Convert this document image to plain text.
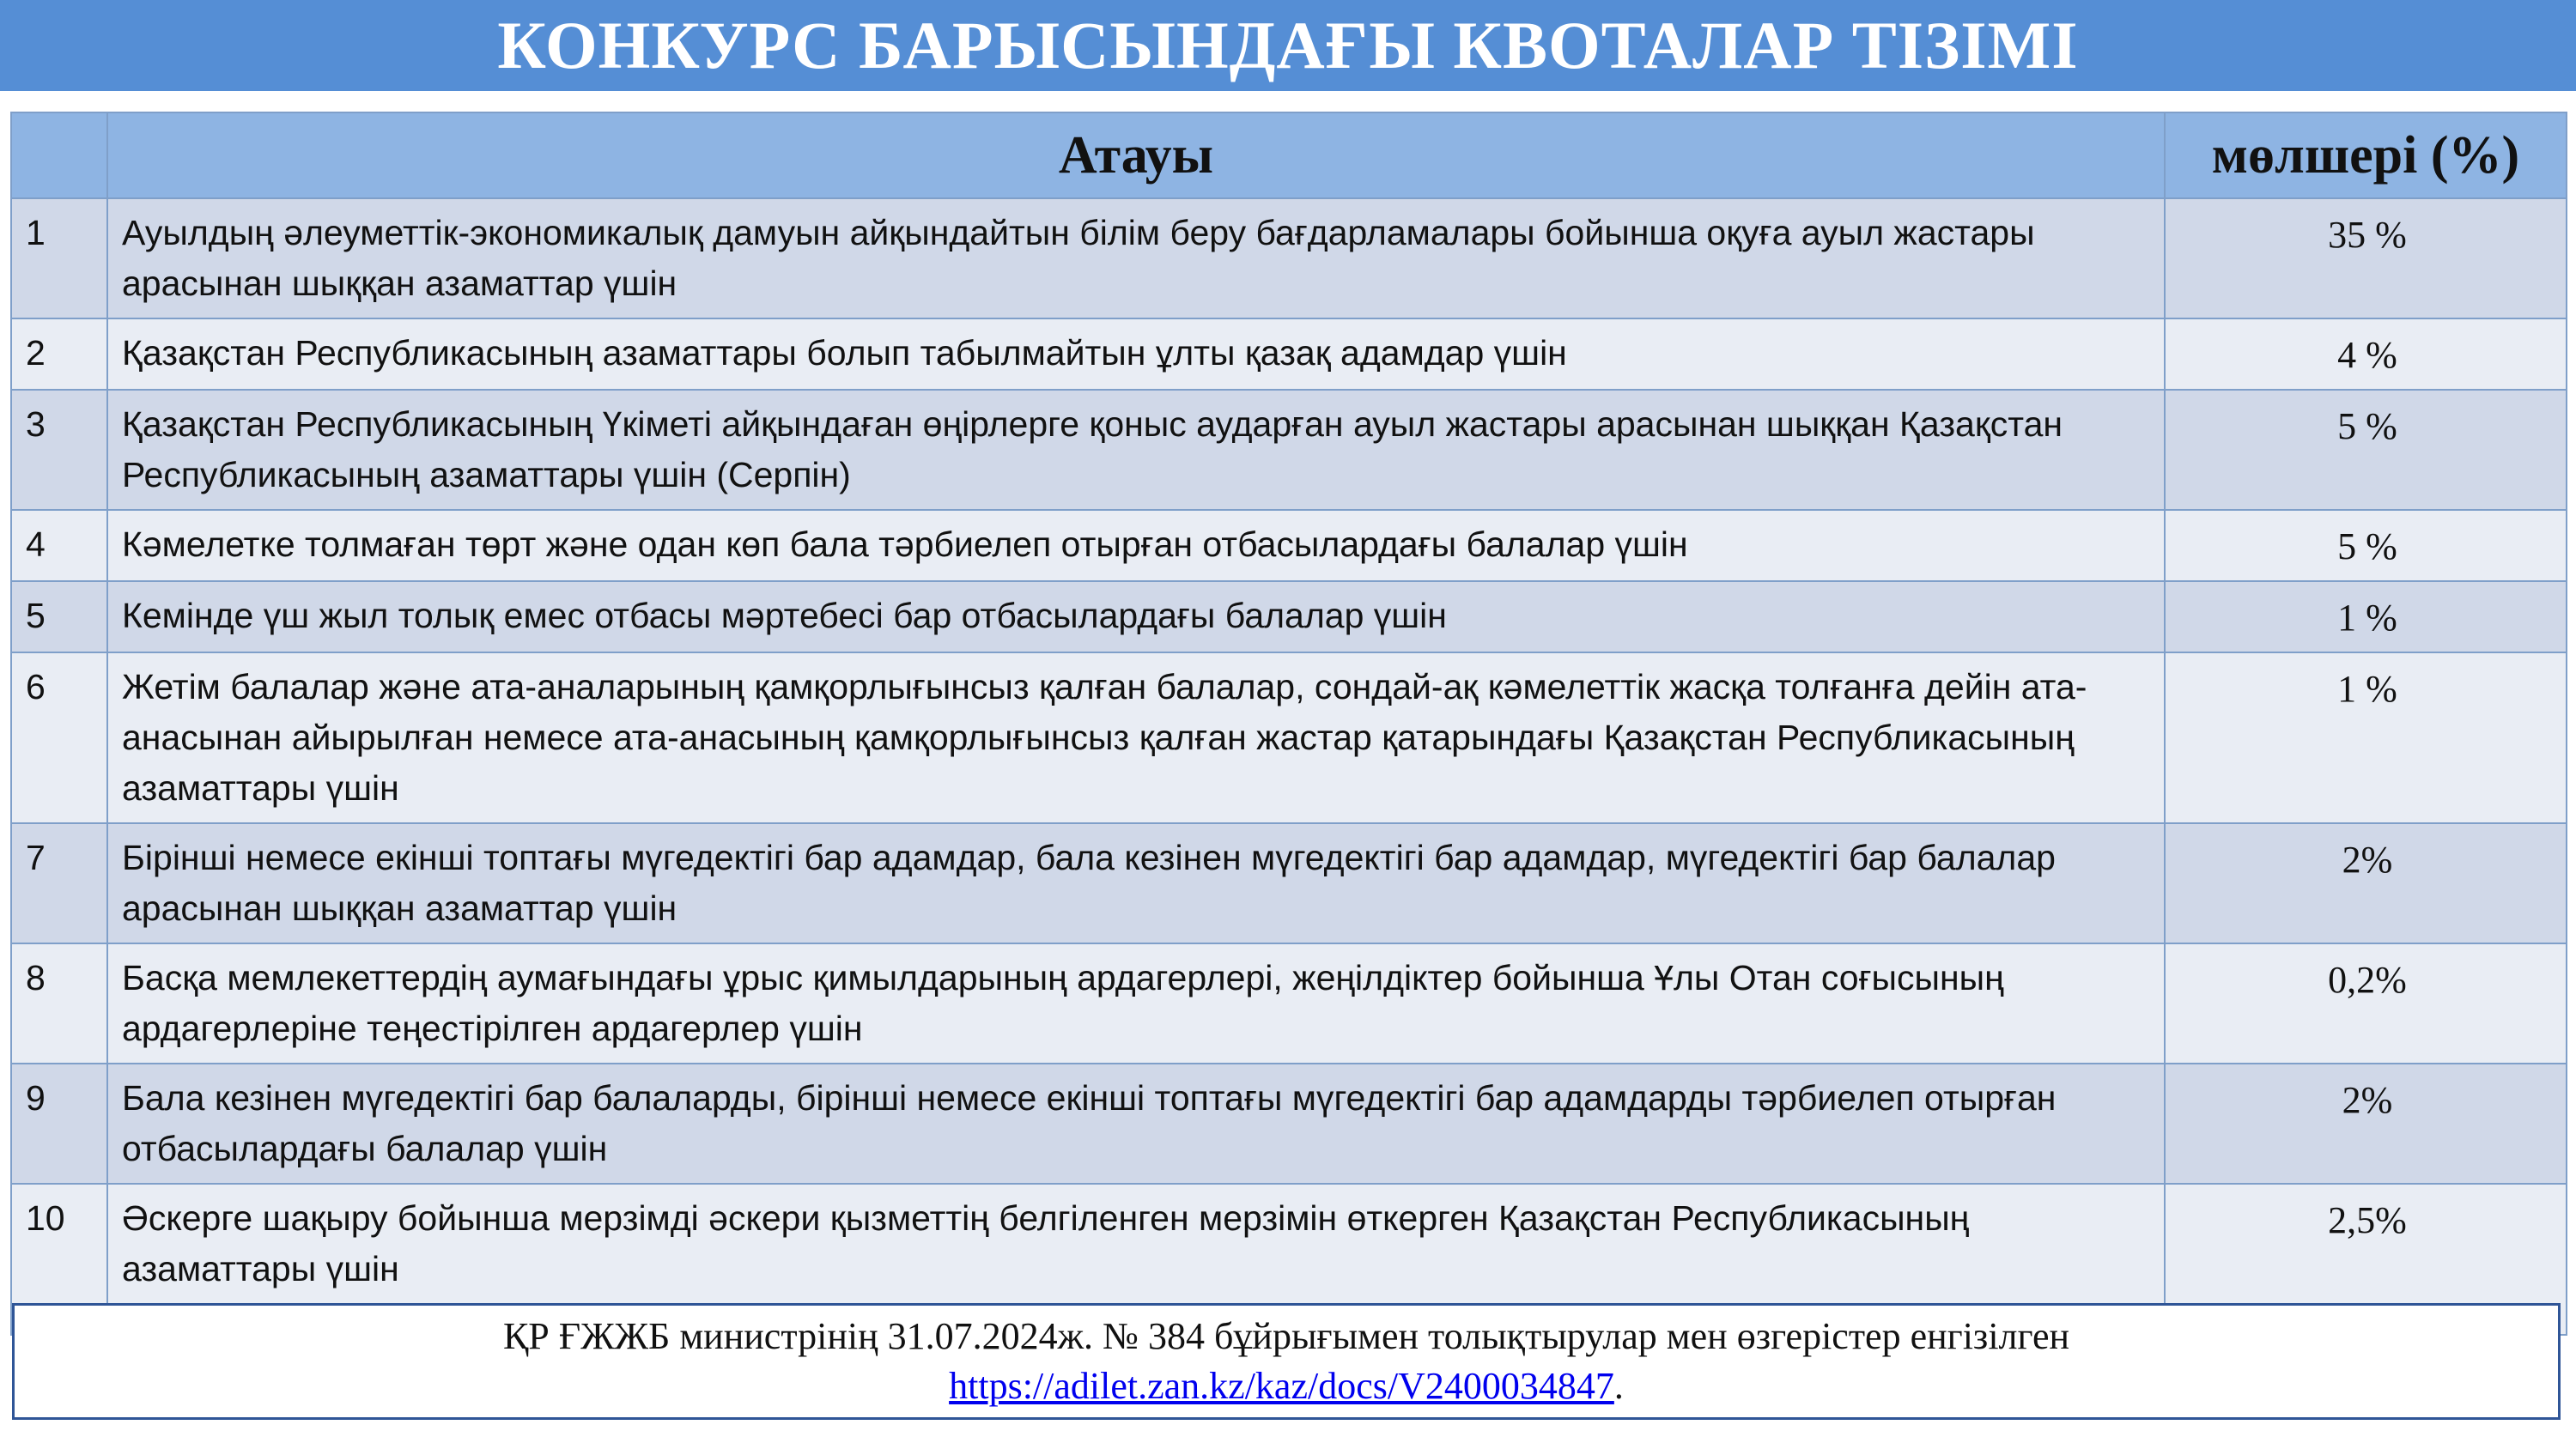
КОНКУРС БАРЫСЫНДАҒЫ КВОТАЛАР ТІЗІМІ
	Атауы	мөлшері (%)
1	Ауылдың әлеуметтік-экономикалық дамуын айқындайтын білім беру бағдарламалары бойынша оқуға ауыл жастары арасынан шыққан азаматтар үшін	35 %
2	Қазақстан Республикасының азаматтары болып табылмайтын ұлты қазақ адамдар үшін	4 %
3	Қазақстан Республикасының Үкіметі айқындаған өңірлерге қоныс аударған ауыл жастары арасынан шыққан Қазақстан Республикасының азаматтары үшін (Серпін)	5 %
4	Кәмелетке толмаған төрт және одан көп бала тәрбиелеп отырған отбасылардағы балалар үшін	5 %
5	Кемінде үш жыл толық емес отбасы мәртебесі бар отбасылардағы балалар үшін	1 %
6	Жетім балалар және ата-аналарының қамқорлығынсыз қалған балалар, сондай-ақ кәмелеттік жасқа толғанға дейін ата-анасынан айырылған немесе ата-анасының қамқорлығынсыз қалған жастар қатарындағы Қазақстан Республикасының азаматтары үшін	1 %
7	Бірінші немесе екінші топтағы мүгедектігі бар адамдар, бала кезінен мүгедектігі бар адамдар, мүгедектігі бар балалар арасынан шыққан азаматтар үшін	2%
8	Басқа мемлекеттердің аумағындағы ұрыс қимылдарының ардагерлері, жеңілдіктер бойынша Ұлы Отан соғысының ардагерлеріне теңестірілген ардагерлер үшін	0,2%
9	Бала кезінен мүгедектігі бар балаларды, бірінші немесе екінші топтағы мүгедектігі бар адамдарды тәрбиелеп отырған отбасылардағы балалар үшін	2%
10	Әскерге шақыру бойынша мерзімді әскери қызметтің белгіленген мерзімін өткерген Қазақстан Республикасының азаматтары үшін	2,5%
ҚР ҒЖЖБ министрінің 31.07.2024ж. № 384 бұйрығымен толықтырулар мен өзгерістер енгізілген
https://adilet.zan.kz/kaz/docs/V2400034847.
